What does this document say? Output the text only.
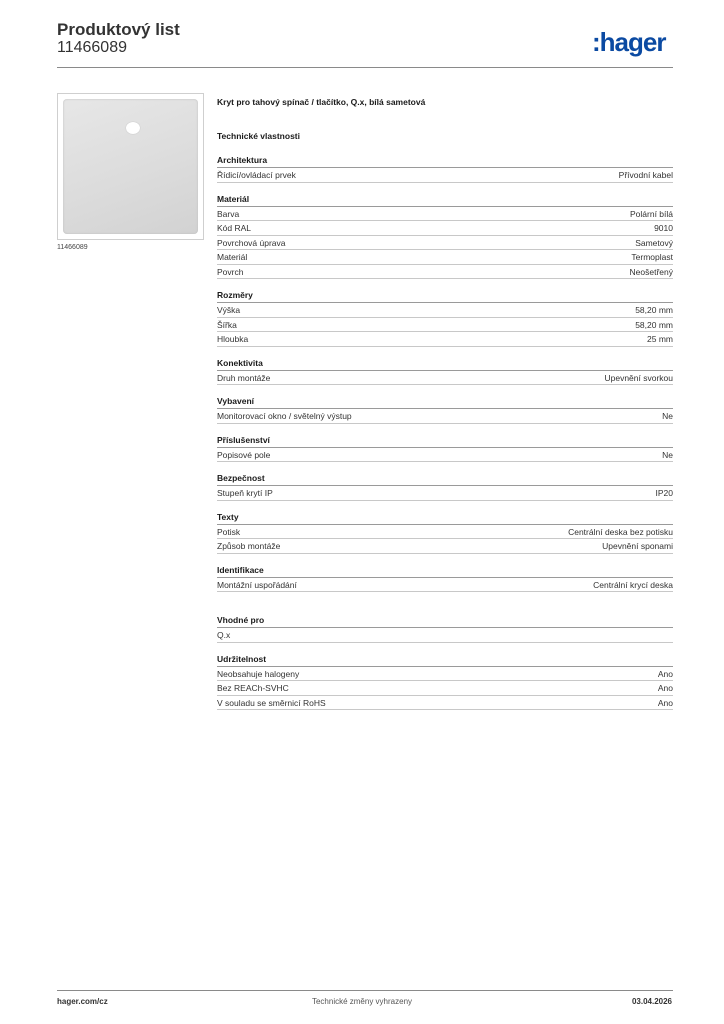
Produktový list
11466089	:hager
11466089
Kryt pro tahový spínač / tlačítko, Q.x, bílá sametová
Technické vlastnosti
Architektura
Řídicí/ovládací prvek	Přívodní kabel
Materiál
Barva	Polární bílá
Kód RAL	9010
Povrchová úprava	Sametový
Materiál	Termoplast
Povrch	Neošetřený
Rozměry
Výška	58,20 mm
Šířka	58,20 mm
Hloubka	25 mm
Konektivita
Druh montáže	Upevnění svorkou
Vybavení
Monitorovací okno / světelný výstup	Ne
Příslušenství
Popisové pole	Ne
Bezpečnost
Stupeň krytí IP	IP20
Texty
Potisk	Centrální deska bez potisku
Způsob montáže	Upevnění sponami
Identifikace
Montážní uspořádání	Centrální krycí deska
Vhodné pro
Q.x
Udržitelnost
Neobsahuje halogeny	Ano
Bez REACh-SVHC	Ano
V souladu se směrnicí RoHS	Ano
hager.com/cz	Technické změny vyhrazeny	03.04.2026
